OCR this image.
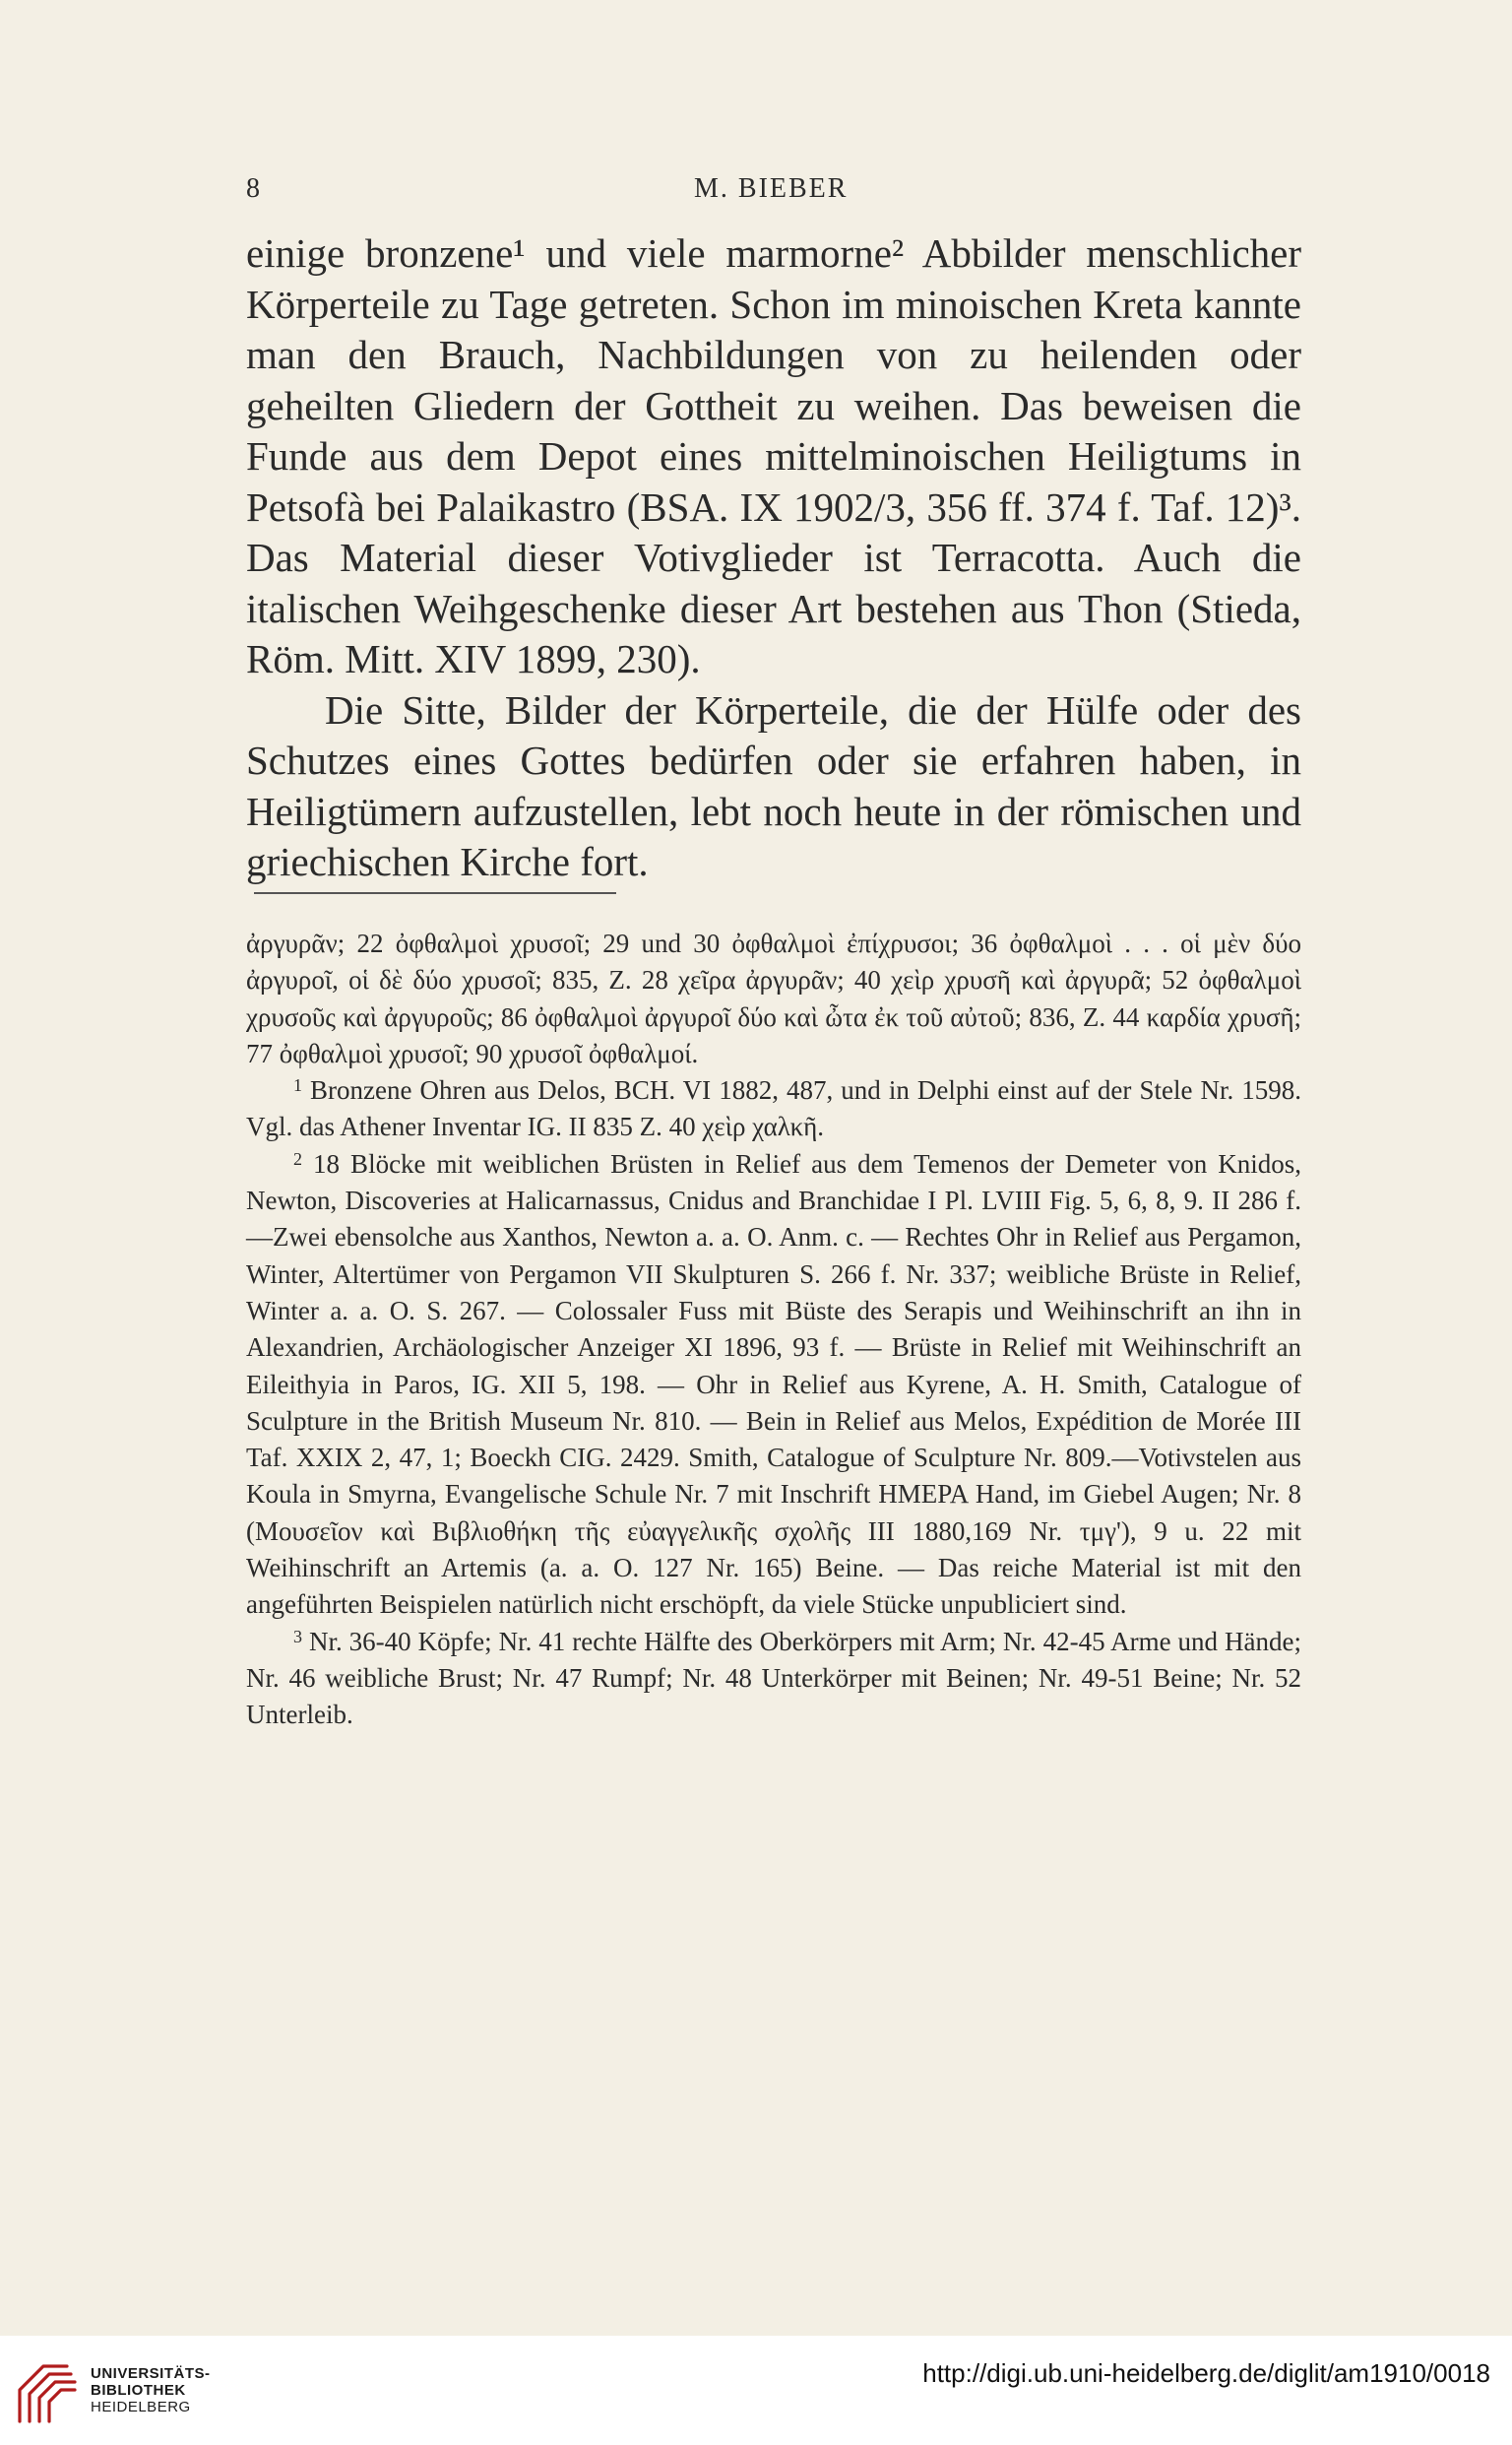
8	M. BIEBER

einige bronzene¹ und viele marmorne² Abbilder menschlicher Körperteile zu Tage getreten. Schon im minoischen Kreta kannte man den Brauch, Nachbildungen von zu heilenden oder geheilten Gliedern der Gottheit zu weihen. Das beweisen die Funde aus dem Depot eines mittelminoischen Heiligtums in Petsofà bei Palaikastro (BSA. IX 1902/3, 356 ff. 374 f. Taf. 12)³. Das Material dieser Votivglieder ist Terracotta. Auch die italischen Weihgeschenke dieser Art bestehen aus Thon (Stieda, Röm. Mitt. XIV 1899, 230).

Die Sitte, Bilder der Körperteile, die der Hülfe oder des Schutzes eines Gottes bedürfen oder sie erfahren haben, in Heiligtümern aufzustellen, lebt noch heute in der römischen und griechischen Kirche fort.

ἀργυρᾶν; 22 ὀφθαλμοὶ χρυσοῖ; 29 und 30 ὀφθαλμοὶ ἐπίχρυσοι; 36 ὀφθαλμοὶ . . . οἱ μὲν δύο ἀργυροῖ, οἱ δὲ δύο χρυσοῖ; 835, Z. 28 χεῖρα ἀργυρᾶν; 40 χεὶρ χρυσῆ καὶ ἀργυρᾶ; 52 ὀφθαλμοὶ χρυσοῦς καὶ ἀργυροῦς; 86 ὀφθαλμοὶ ἀργυροῖ δύο καὶ ὦτα ἐκ τοῦ αὐτοῦ; 836, Z. 44 καρδία χρυσῆ; 77 ὀφθαλμοὶ χρυσοῖ; 90 χρυσοῖ ὀφθαλμοί.

$^1$ Bronzene Ohren aus Delos, BCH. VI 1882, 487, und in Delphi einst auf der Stele Nr. 1598. Vgl. das Athener Inventar IG. II 835 Z. 40 χεὶρ χαλκῆ.

$^2$ 18 Blöcke mit weiblichen Brüsten in Relief aus dem Temenos der Demeter von Knidos, Newton, Discoveries at Halicarnassus, Cnidus and Branchidae I Pl. LVIII Fig. 5, 6, 8, 9. II 286 f.—Zwei ebensolche aus Xanthos, Newton a. a. O. Anm. c. — Rechtes Ohr in Relief aus Pergamon, Winter, Altertümer von Pergamon VII Skulpturen S. 266 f. Nr. 337; weibliche Brüste in Relief, Winter a. a. O. S. 267. — Colossaler Fuss mit Büste des Serapis und Weihinschrift an ihn in Alexandrien, Archäologischer Anzeiger XI 1896, 93 f. — Brüste in Relief mit Weihinschrift an Eileithyia in Paros, IG. XII 5, 198. — Ohr in Relief aus Kyrene, A. H. Smith, Catalogue of Sculpture in the British Museum Nr. 810. — Bein in Relief aus Melos, Expédition de Morée III Taf. XXIX 2, 47, 1; Boeckh CIG. 2429. Smith, Catalogue of Sculpture Nr. 809.—Votivstelen aus Koula in Smyrna, Evangelische Schule Nr. 7 mit Inschrift ΗΜΕΡΑ Hand, im Giebel Augen; Nr. 8 (Μουσεῖον καὶ Βιβλιοθήκη τῆς εὐαγγελικῆς σχολῆς III 1880,169 Nr. τμγ'), 9 u. 22 mit Weihinschrift an Artemis (a. a. O. 127 Nr. 165) Beine. — Das reiche Material ist mit den angeführten Beispielen natürlich nicht erschöpft, da viele Stücke unpubliciert sind.

$^3$ Nr. 36-40 Köpfe; Nr. 41 rechte Hälfte des Oberkörpers mit Arm; Nr. 42-45 Arme und Hände; Nr. 46 weibliche Brust; Nr. 47 Rumpf; Nr. 48 Unterkörper mit Beinen; Nr. 49-51 Beine; Nr. 52 Unterleib.

UNIVERSITÄTS-
BIBLIOTHEK
HEIDELBERG
http://digi.ub.uni-heidelberg.de/diglit/am1910/0018
